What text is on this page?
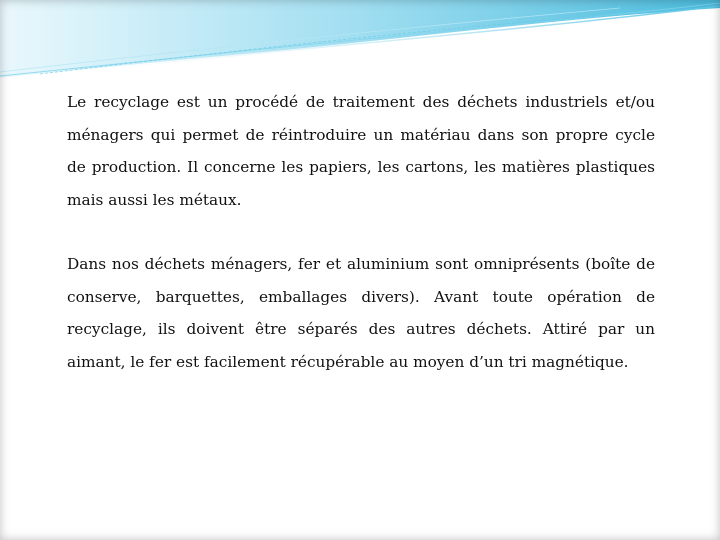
Le recyclage est un procédé de traitement des déchets industriels et/ou ménagers qui permet de réintroduire un matériau dans son propre cycle de production. Il concerne les papiers, les cartons, les matières plastiques mais aussi les métaux.

Dans nos déchets ménagers, fer et aluminium sont omniprésents (boîte de conserve, barquettes, emballages divers). Avant toute opération de recyclage, ils doivent être séparés des autres déchets. Attiré par un aimant, le fer est facilement récupérable au moyen d’un tri magnétique.
